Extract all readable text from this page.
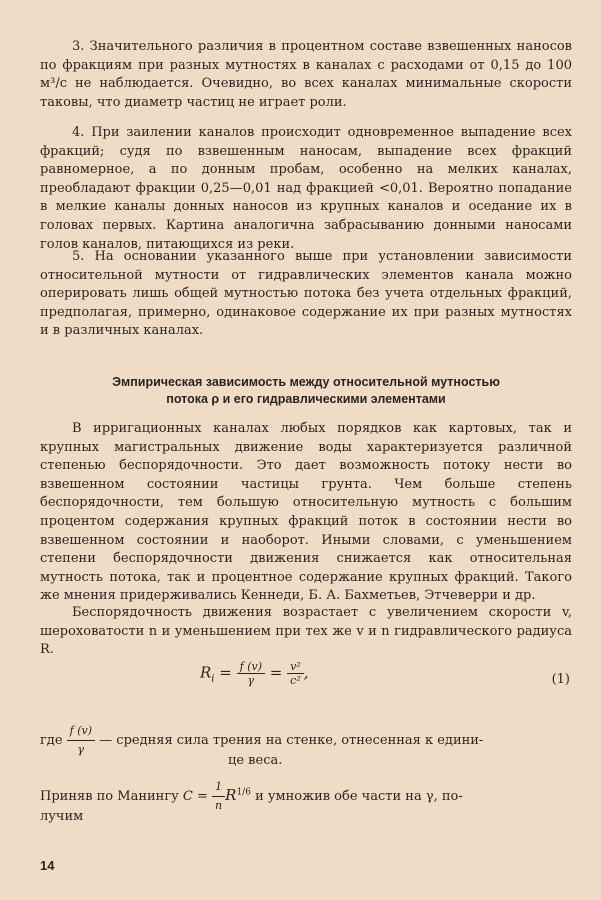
3. Значительного различия в процентном составе взвешенных наносов по фракциям при разных мутностях в каналах с расходами от 0,15 до 100 м³/с не наблюдается. Очевидно, во всех каналах минимальные скорости таковы, что диаметр частиц не играет роли.

4. При заилении каналов происходит одновременное выпадение всех фракций; судя по взвешенным наносам, выпадение всех фракций равномерное, а по донным пробам, особенно на мелких каналах, преобладают фракции 0,25—0,01 над фракцией <0,01. Вероятно попадание в мелкие каналы донных наносов из крупных каналов и оседание их в головах первых. Картина аналогична забрасыванию донными наносами голов каналов, питающихся из реки.

5. На основании указанного выше при установлении зависимости относительной мутности от гидравлических элементов канала можно оперировать лишь общей мутностью потока без учета отдельных фракций, предполагая, примерно, одинаковое содержание их при разных мутностях и в различных каналах.

Эмпирическая зависимость между относительной мутностью
потока ρ и его гидравлическими элементами

В ирригационных каналах любых порядков как картовых, так и крупных магистральных движение воды характеризуется различной степенью беспорядочности. Это дает возможность потоку нести во взвешенном состоянии частицы грунта. Чем больше степень беспорядочности, тем большую относительную мутность с большим процентом содержания крупных фракций поток в состоянии нести во взвешенном состоянии и наоборот. Иными словами, с уменьшением степени беспорядочности движения снижается как относительная мутность потока, так и процентное содержание крупных фракций. Такого же мнения придерживались Кеннеди, Б. А. Бахметьев, Этчеверри и др.

Беспорядочность движения возрастает с увеличением скорости v, шероховатости n и уменьшением при тех же v и n гидравлического радиуса R.

$R_i = \frac{f (v)}{\gamma} = \frac{\text{v²}}{\text{c²}}$ ,	(1)
где $\frac{f (v)}{\gamma}$ — средняя сила трения на стенке, отнесенная к едини-
це веса.
Приняв по Манингу $C = \frac{1}{n} R^{1/6}$ и умножив обе части на γ, по-
лучим
14
